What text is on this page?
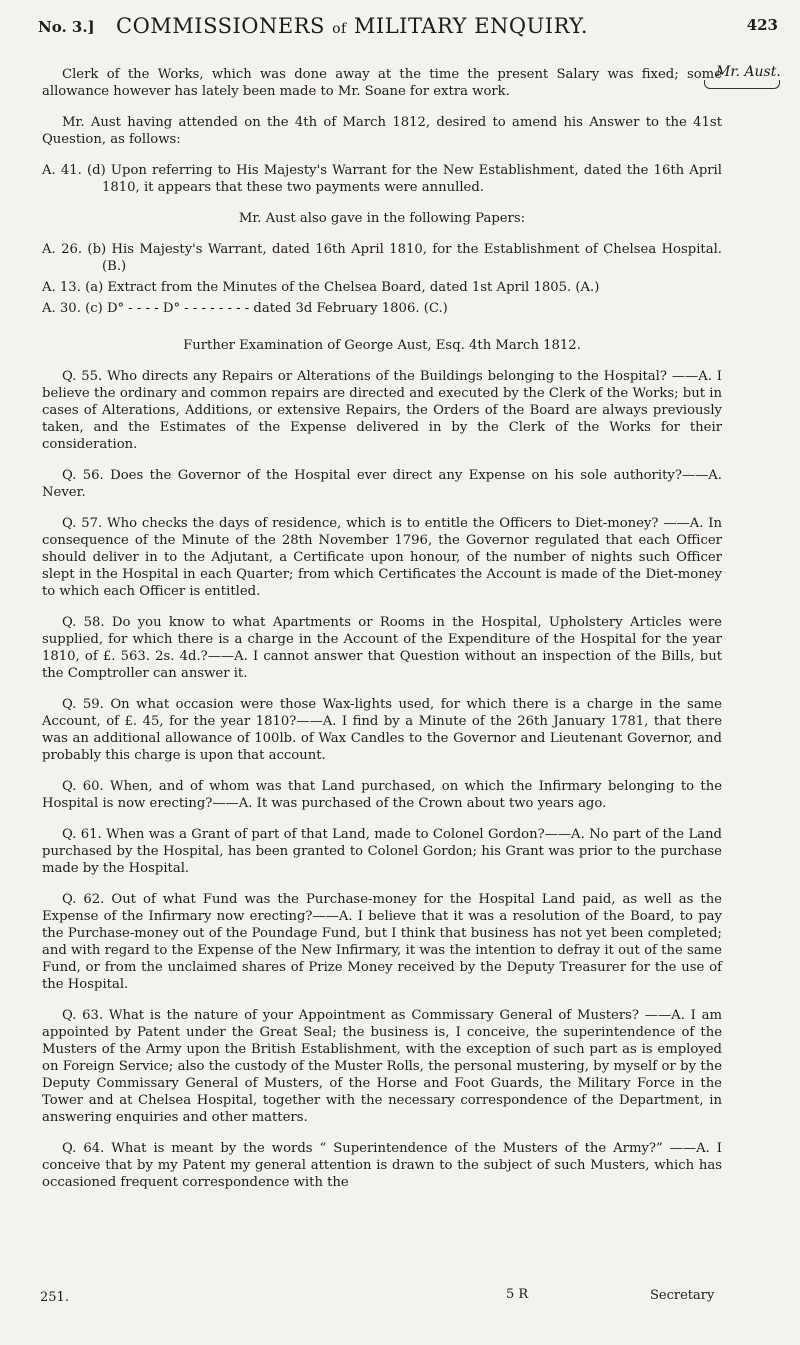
No. 3.] COMMISSIONERS of MILITARY ENQUIRY.	423
Mr. Aust.

Clerk of the Works, which was done away at the time the present Salary was fixed; some allowance however has lately been made to Mr. Soane for extra work.

Mr. Aust having attended on the 4th of March 1812, desired to amend his Answer to the 41st Question, as follows:

A. 41. (d) Upon referring to His Majesty's Warrant for the New Establishment, dated the 16th April 1810, it appears that these two payments were annulled.

Mr. Aust also gave in the following Papers:

A. 26. (b) His Majesty's Warrant, dated 16th April 1810, for the Establishment of Chelsea Hospital. (B.)

A. 13. (a) Extract from the Minutes of the Chelsea Board, dated 1st April 1805. (A.)

A. 30. (c) D° - - - - D° - - - - - - - - dated 3d February 1806. (C.)

Further Examination of George Aust, Esq. 4th March 1812.

Q. 55. Who directs any Repairs or Alterations of the Buildings belonging to the Hospital? ——A. I believe the ordinary and common repairs are directed and executed by the Clerk of the Works; but in cases of Alterations, Additions, or extensive Repairs, the Orders of the Board are always previously taken, and the Estimates of the Expense delivered in by the Clerk of the Works for their consideration.

Q. 56. Does the Governor of the Hospital ever direct any Expense on his sole authority?——A. Never.

Q. 57. Who checks the days of residence, which is to entitle the Officers to Diet-money? ——A. In consequence of the Minute of the 28th November 1796, the Governor regulated that each Officer should deliver in to the Adjutant, a Certificate upon honour, of the number of nights such Officer slept in the Hospital in each Quarter; from which Certificates the Account is made of the Diet-money to which each Officer is entitled.

Q. 58. Do you know to what Apartments or Rooms in the Hospital, Upholstery Articles were supplied, for which there is a charge in the Account of the Expenditure of the Hospital for the year 1810, of £. 563. 2s. 4d.?——A. I cannot answer that Question without an inspection of the Bills, but the Comptroller can answer it.

Q. 59. On what occasion were those Wax-lights used, for which there is a charge in the same Account, of £. 45, for the year 1810?——A. I find by a Minute of the 26th January 1781, that there was an additional allowance of 100lb. of Wax Candles to the Governor and Lieutenant Governor, and probably this charge is upon that account.

Q. 60. When, and of whom was that Land purchased, on which the Infirmary belonging to the Hospital is now erecting?——A. It was purchased of the Crown about two years ago.

Q. 61. When was a Grant of part of that Land, made to Colonel Gordon?——A. No part of the Land purchased by the Hospital, has been granted to Colonel Gordon; his Grant was prior to the purchase made by the Hospital.

Q. 62. Out of what Fund was the Purchase-money for the Hospital Land paid, as well as the Expense of the Infirmary now erecting?——A. I believe that it was a resolution of the Board, to pay the Purchase-money out of the Poundage Fund, but I think that business has not yet been completed; and with regard to the Expense of the New Infirmary, it was the intention to defray it out of the same Fund, or from the unclaimed shares of Prize Money received by the Deputy Treasurer for the use of the Hospital.

Q. 63. What is the nature of your Appointment as Commissary General of Musters? ——A. I am appointed by Patent under the Great Seal; the business is, I conceive, the superintendence of the Musters of the Army upon the British Establishment, with the exception of such part as is employed on Foreign Service; also the custody of the Muster Rolls, the personal mustering, by myself or by the Deputy Commissary General of Musters, of the Horse and Foot Guards, the Military Force in the Tower and at Chelsea Hospital, together with the necessary correspondence of the Department, in answering enquiries and other matters.

Q. 64. What is meant by the words “ Superintendence of the Musters of the Army?” ——A. I conceive that by my Patent my general attention is drawn to the subject of such Musters, which has occasioned frequent correspondence with the

251.	5 R	Secretary
